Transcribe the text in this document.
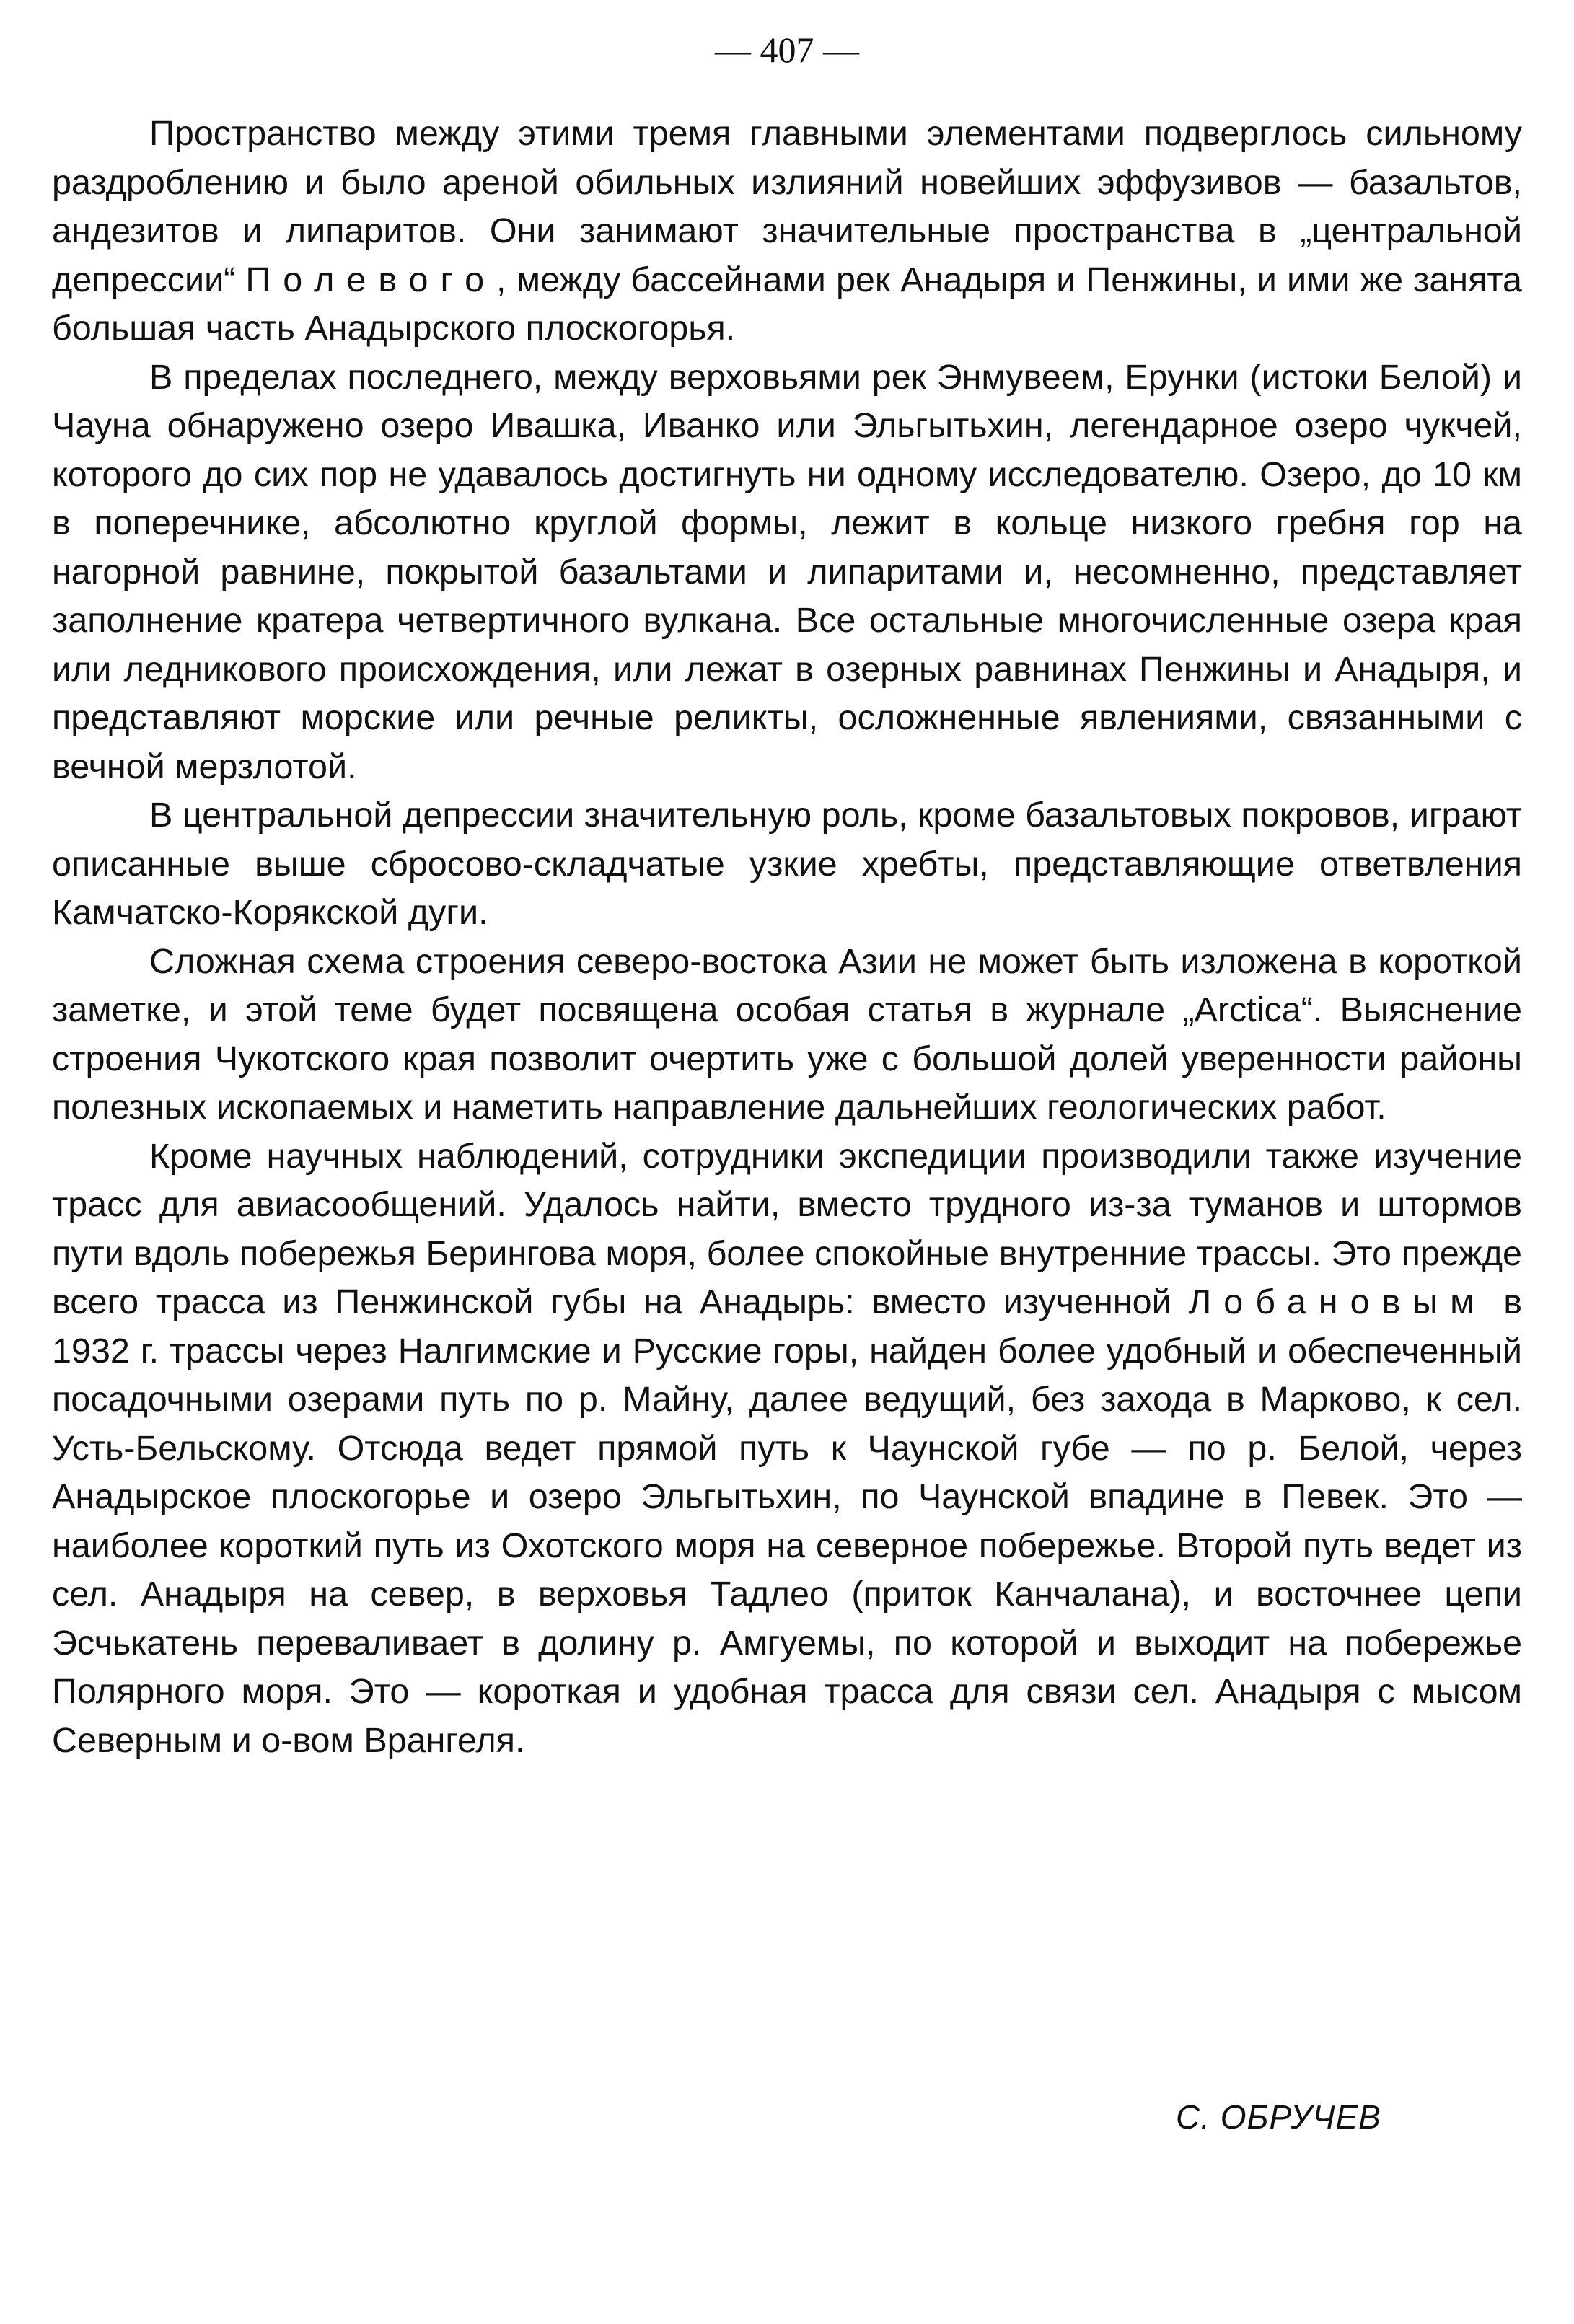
— 407 —

Пространство между этими тремя главными элементами подверглось сильному раздроблению и было ареной обильных излияний новейших эффузивов — базальтов, андезитов и липаритов. Они занимают значительные пространства в „центральной депрессии“ Полевого, между бассейнами рек Анадыря и Пенжины, и ими же занята большая часть Анадырского плоскогорья.

В пределах последнего, между верховьями рек Энмувеем, Ерунки (истоки Белой) и Чауна обнаружено озеро Ивашка, Иванко или Эльгытьхин, легендарное озеро чукчей, которого до сих пор не удавалось достигнуть ни одному исследователю. Озеро, до 10 км в поперечнике, абсолютно круглой формы, лежит в кольце низкого гребня гор на нагорной равнине, покрытой базальтами и липаритами и, несомненно, представляет заполнение кратера четвертичного вулкана. Все остальные многочисленные озера края или ледникового происхождения, или лежат в озерных равнинах Пенжины и Анадыря, и представляют морские или речные реликты, осложненные явлениями, связанными с вечной мерзлотой.

В центральной депрессии значительную роль, кроме базальтовых покровов, играют описанные выше сбросово-складчатые узкие хребты, представляющие ответвления Камчатско-Корякской дуги.

Сложная схема строения северо-востока Азии не может быть изложена в короткой заметке, и этой теме будет посвящена особая статья в журнале „Arctica“. Выяснение строения Чукотского края позволит очертить уже с большой долей уверенности районы полезных ископаемых и наметить направление дальнейших геологических работ.

Кроме научных наблюдений, сотрудники экспедиции производили также изучение трасс для авиасообщений. Удалось найти, вместо трудного из-за туманов и штормов пути вдоль побережья Берингова моря, более спокойные внутренние трассы. Это прежде всего трасса из Пенжинской губы на Анадырь: вместо изученной Лобановым в 1932 г. трассы через Налгимские и Русские горы, найден более удобный и обеспеченный посадочными озерами путь по р. Майну, далее ведущий, без захода в Марково, к сел. Усть-Бельскому. Отсюда ведет прямой путь к Чаунской губе — по р. Белой, через Анадырское плоскогорье и озеро Эльгытьхин, по Чаунской впадине в Певек. Это — наиболее короткий путь из Охотского моря на северное побережье. Второй путь ведет из сел. Анадыря на север, в верховья Тадлео (приток Канчалана), и восточнее цепи Эсчькатень переваливает в долину р. Амгуемы, по которой и выходит на побережье Полярного моря. Это — короткая и удобная трасса для связи сел. Анадыря с мысом Северным и о-вом Врангеля.

С. ОБРУЧЕВ
